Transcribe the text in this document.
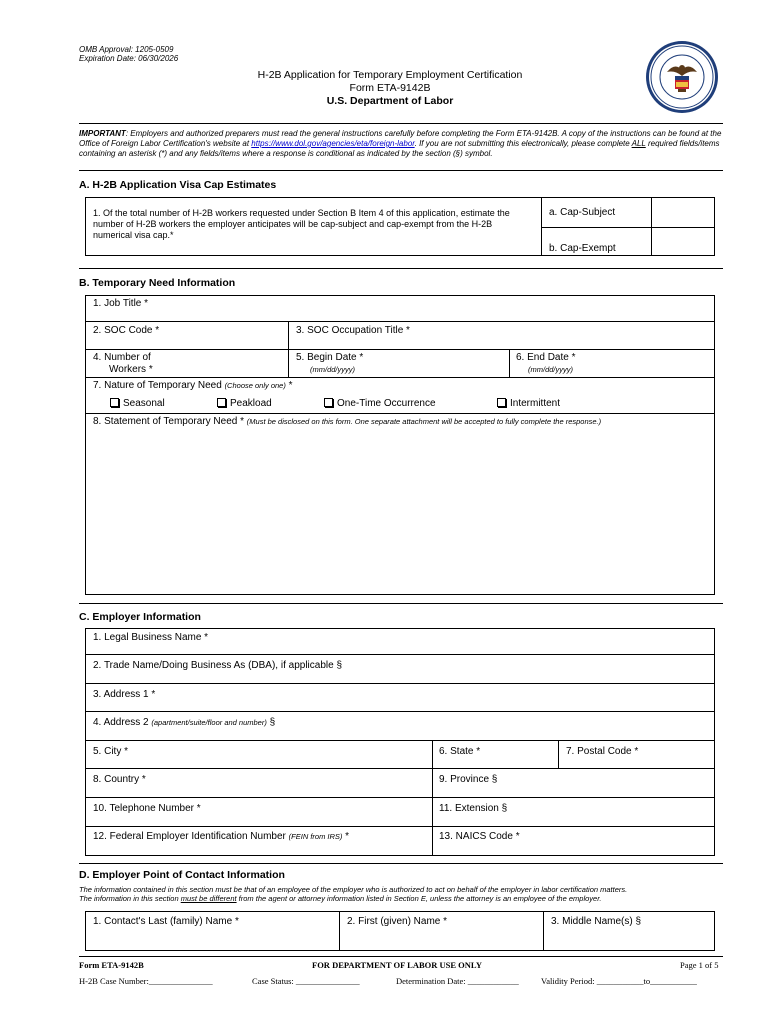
OMB Approval: 1205-0509
Expiration Date: 06/30/2026
H-2B Application for Temporary Employment Certification
Form ETA-9142B
U.S. Department of Labor
IMPORTANT: Employers and authorized preparers must read the general instructions carefully before completing the Form ETA-9142B. A copy of the instructions can be found at the Office of Foreign Labor Certification's website at https://www.dol.gov/agencies/eta/foreign-labor. If you are not submitting this electronically, please complete ALL required fields/items containing an asterisk (*) and any fields/items where a response is conditional as indicated by the section (§) symbol.
A. H-2B Application Visa Cap Estimates
1. Of the total number of H-2B workers requested under Section B Item 4 of this application, estimate the number of H-2B workers the employer anticipates will be cap-subject and cap-exempt from the H-2B numerical visa cap.*
a. Cap-Subject
b. Cap-Exempt
B. Temporary Need Information
1. Job Title *
2. SOC Code *	3. SOC Occupation Title *
4. Number of
Workers *
5. Begin Date *
(mm/dd/yyyy)
6. End Date *
(mm/dd/yyyy)
7. Nature of Temporary Need (Choose only one) *
Seasonal	Peakload	One-Time Occurrence	Intermittent
8. Statement of Temporary Need * (Must be disclosed on this form. One separate attachment will be accepted to fully complete the response.)
C. Employer Information
1. Legal Business Name *
2. Trade Name/Doing Business As (DBA), if applicable §
3. Address 1 *
4. Address 2 (apartment/suite/floor and number) §
5. City *	6. State *	7. Postal Code *
8. Country *	9. Province §
10. Telephone Number *	11. Extension §
12. Federal Employer Identification Number (FEIN from IRS) *	13. NAICS Code *
D. Employer Point of Contact Information
The information contained in this section must be that of an employee of the employer who is authorized to act on behalf of the employer in labor certification matters.
The information in this section must be different from the agent or attorney information listed in Section E, unless the attorney is an employee of the employer.
1. Contact's Last (family) Name *	2. First (given) Name *	3. Middle Name(s) §
Form ETA-9142B	FOR DEPARTMENT OF LABOR USE ONLY	Page 1 of 5
H-2B Case Number:_______________	Case Status: _______________	Determination Date: ____________	Validity Period: ___________to___________
